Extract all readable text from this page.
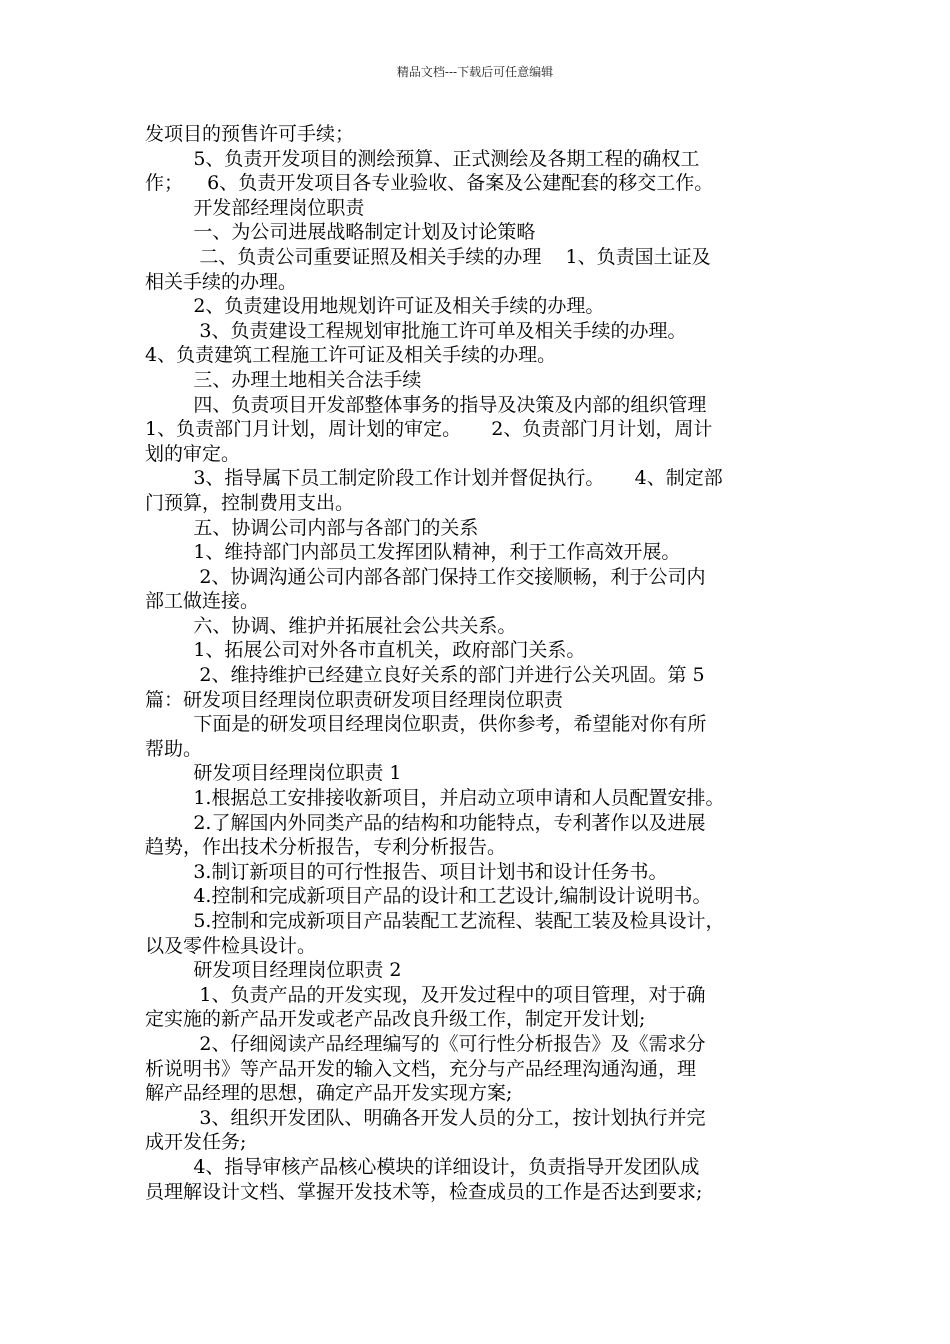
精品文档---下载后可任意编辑
发项目的预售许可手续；
5、负责开发项目的测绘预算、正式测绘及各期工程的确权工
作；    6、负责开发项目各专业验收、备案及公建配套的移交工作。
开发部经理岗位职责
一、为公司进展战略制定计划及讨论策略
二、负责公司重要证照及相关手续的办理    1、负责国土证及
相关手续的办理。
2、负责建设用地规划许可证及相关手续的办理。
3、负责建设工程规划审批施工许可单及相关手续的办理。
4、负责建筑工程施工许可证及相关手续的办理。
三、办理土地相关合法手续
四、负责项目开发部整体事务的指导及决策及内部的组织管理
1、负责部门月计划，周计划的审定。     2、负责部门月计划，周计
划的审定。
3、指导属下员工制定阶段工作计划并督促执行。     4、制定部
门预算，控制费用支出。
五、协调公司内部与各部门的关系
1、维持部门内部员工发挥团队精神，利于工作高效开展。
2、协调沟通公司内部各部门保持工作交接顺畅，利于公司内
部工做连接。
六、协调、维护并拓展社会公共关系。
1、拓展公司对外各市直机关，政府部门关系。
2、维持维护已经建立良好关系的部门并进行公关巩固。第 5
篇：研发项目经理岗位职责研发项目经理岗位职责
下面是的研发项目经理岗位职责，供你参考，希望能对你有所
帮助。
研发项目经理岗位职责 1
1.根据总工安排接收新项目，并启动立项申请和人员配置安排。
2.了解国内外同类产品的结构和功能特点，专利著作以及进展
趋势，作出技术分析报告，专利分析报告。
3.制订新项目的可行性报告、项目计划书和设计任务书。
4.控制和完成新项目产品的设计和工艺设计,编制设计说明书。
5.控制和完成新项目产品装配工艺流程、装配工装及检具设计，
以及零件检具设计。
研发项目经理岗位职责 2
1、负责产品的开发实现，及开发过程中的项目管理，对于确
定实施的新产品开发或老产品改良升级工作，制定开发计划;
2、仔细阅读产品经理编写的《可行性分析报告》及《需求分
析说明书》等产品开发的输入文档，充分与产品经理沟通沟通，理
解产品经理的思想，确定产品开发实现方案;
3、组织开发团队、明确各开发人员的分工，按计划执行并完
成开发任务;
4、指导审核产品核心模块的详细设计，负责指导开发团队成
员理解设计文档、掌握开发技术等，检查成员的工作是否达到要求;
